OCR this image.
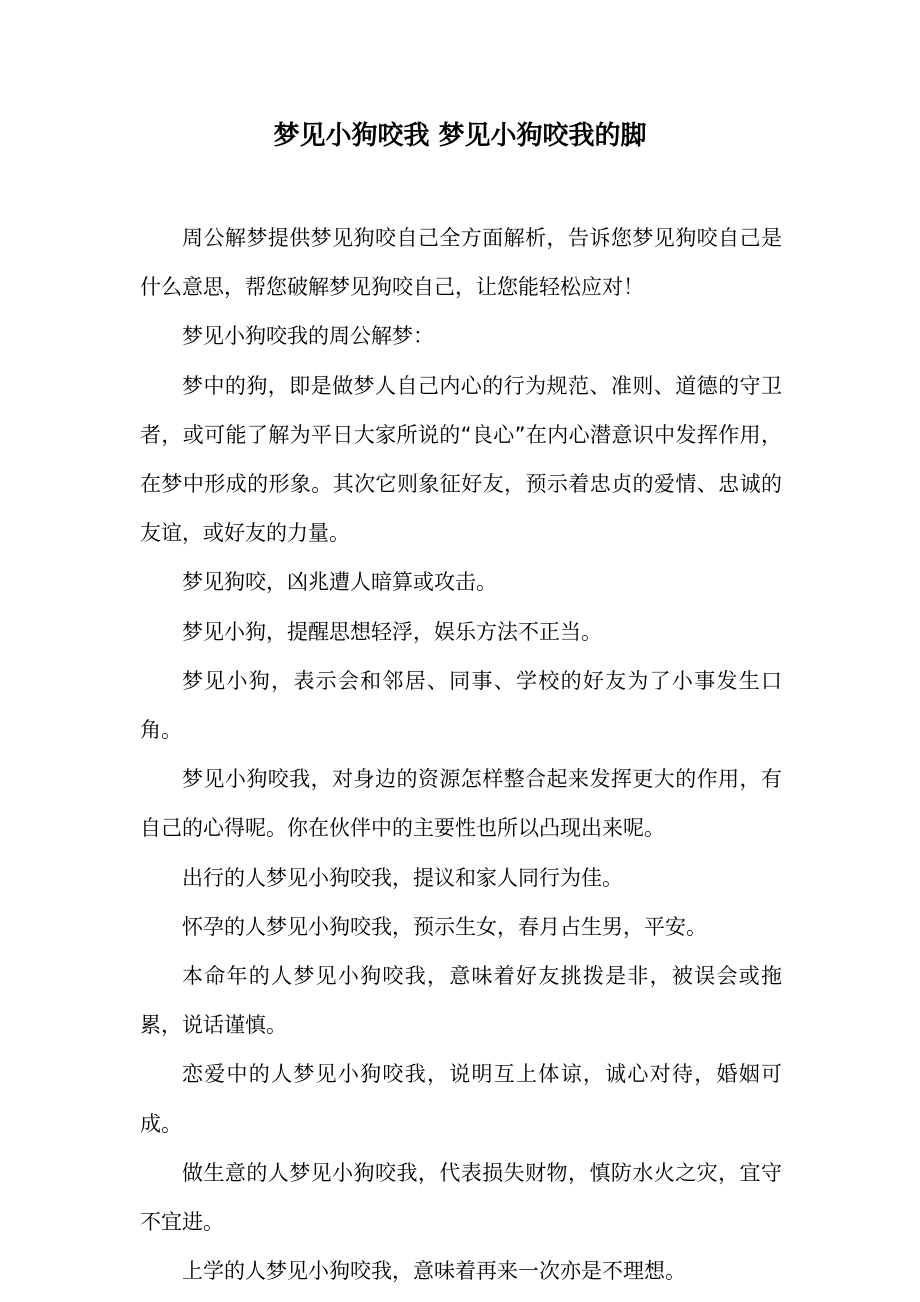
梦见小狗咬我 梦见小狗咬我的脚

周公解梦提供梦见狗咬自己全方面解析，告诉您梦见狗咬自己是什么意思，帮您破解梦见狗咬自己，让您能轻松应对！

梦见小狗咬我的周公解梦：

梦中的狗，即是做梦人自己内心的行为规范、准则、道德的守卫者，或可能了解为平日大家所说的“良心”在内心潜意识中发挥作用，在梦中形成的形象。其次它则象征好友，预示着忠贞的爱情、忠诚的友谊，或好友的力量。

梦见狗咬，凶兆遭人暗算或攻击。

梦见小狗，提醒思想轻浮，娱乐方法不正当。

梦见小狗，表示会和邻居、同事、学校的好友为了小事发生口角。

梦见小狗咬我，对身边的资源怎样整合起来发挥更大的作用，有自己的心得呢。你在伙伴中的主要性也所以凸现出来呢。

出行的人梦见小狗咬我，提议和家人同行为佳。

怀孕的人梦见小狗咬我，预示生女，春月占生男，平安。

本命年的人梦见小狗咬我，意味着好友挑拨是非，被误会或拖累，说话谨慎。

恋爱中的人梦见小狗咬我，说明互上体谅，诚心对待，婚姻可成。

做生意的人梦见小狗咬我，代表损失财物，慎防水火之灾，宜守不宜进。

上学的人梦见小狗咬我，意味着再来一次亦是不理想。
